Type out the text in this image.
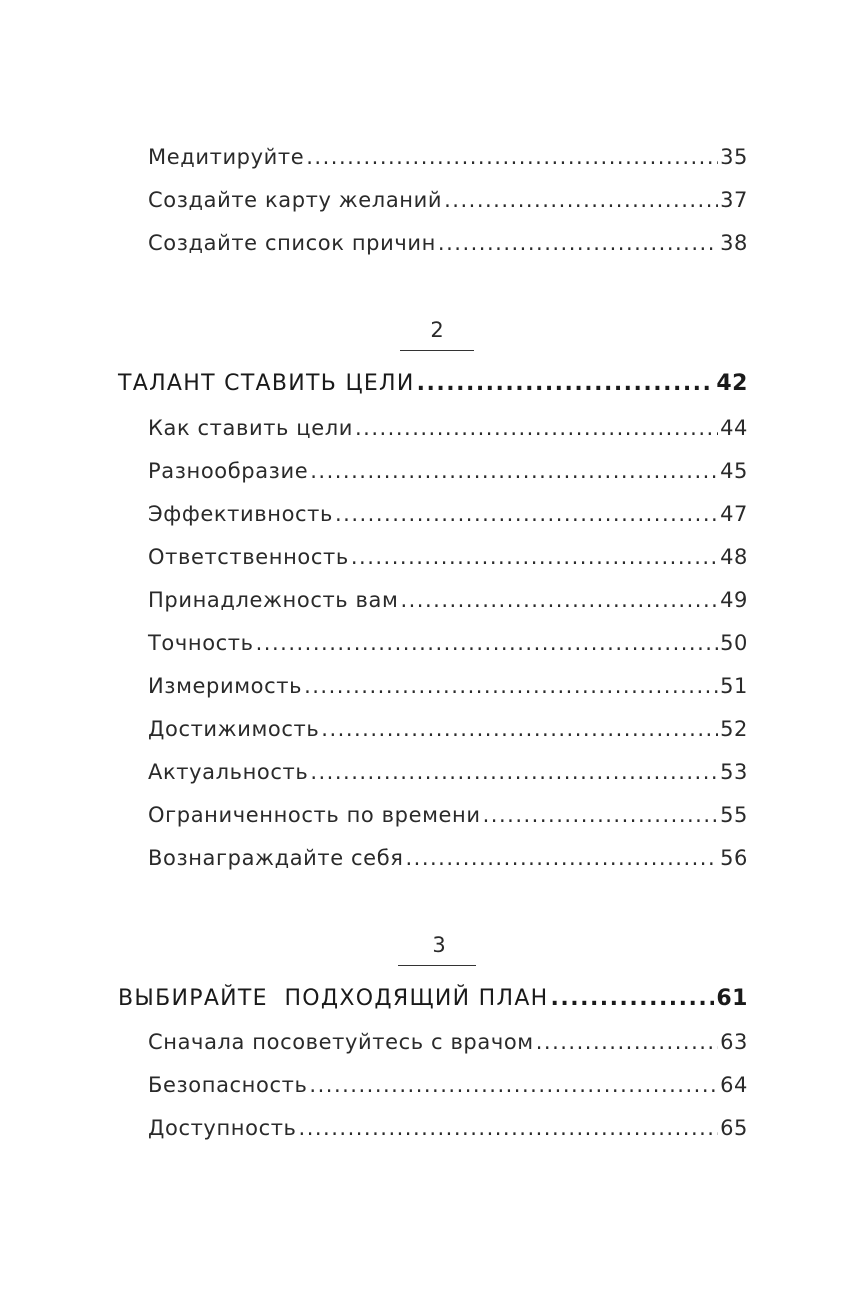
Медитируйте .....	35
Создайте карту желаний .....	37
Создайте список причин .....	38
2
ТАЛАНТ СТАВИТЬ ЦЕЛИ .....	42
Как ставить цели .....	44
Разнообразие .....	45
Эффективность .....	47
Ответственность .....	48
Принадлежность вам .....	49
Точность .....	50
Измеримость .....	51
Достижимость .....	52
Актуальность .....	53
Ограниченность по времени .....	55
Вознаграждайте себя .....	56
3
ВЫБИРАЙТЕ  ПОДХОДЯЩИЙ ПЛАН .....	61
Сначала посоветуйтесь с врачом .....	63
Безопасность .....	64
Доступность .....	65
